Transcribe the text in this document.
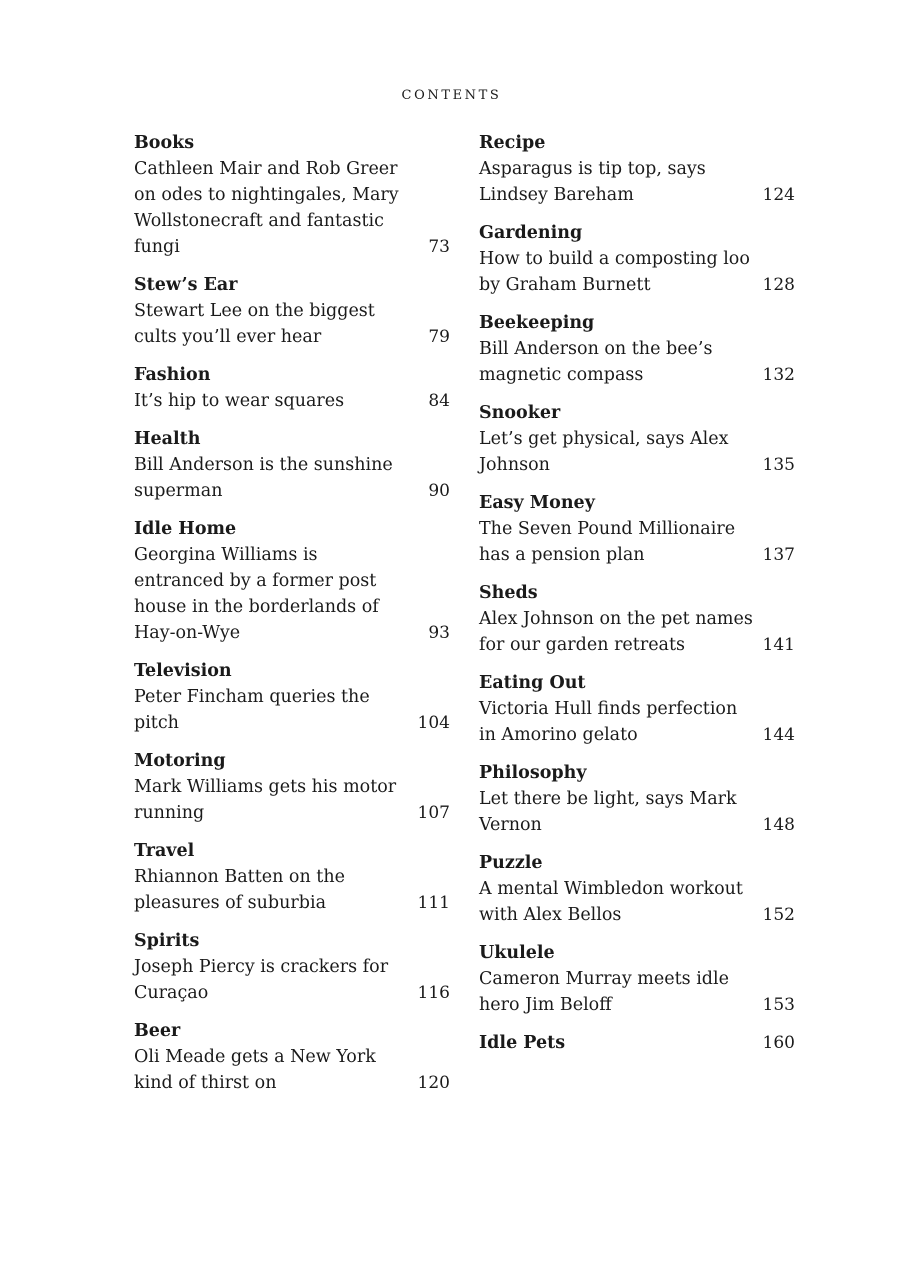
CONTENTS
Books
Cathleen Mair and Rob Greer on odes to nightingales, Mary Wollstonecraft and fantastic fungi	73
Stew’s Ear
Stewart Lee on the biggest cults you’ll ever hear	79
Fashion
It’s hip to wear squares	84
Health
Bill Anderson is the sunshine superman	90
Idle Home
Georgina Williams is entranced by a former post house in the borderlands of Hay-on-Wye	93
Television
Peter Fincham queries the pitch	104
Motoring
Mark Williams gets his motor running	107
Travel
Rhiannon Batten on the pleasures of suburbia	111
Spirits
Joseph Piercy is crackers for Curaçao	116
Beer
Oli Meade gets a New York kind of thirst on	120
Recipe
Asparagus is tip top, says Lindsey Bareham	124
Gardening
How to build a composting loo by Graham Burnett	128
Beekeeping
Bill Anderson on the bee’s magnetic compass	132
Snooker
Let’s get physical, says Alex Johnson	135
Easy Money
The Seven Pound Millionaire has a pension plan	137
Sheds
Alex Johnson on the pet names for our garden retreats	141
Eating Out
Victoria Hull finds perfection in Amorino gelato	144
Philosophy
Let there be light, says Mark Vernon	148
Puzzle
A mental Wimbledon workout with Alex Bellos	152
Ukulele
Cameron Murray meets idle hero Jim Beloff	153
Idle Pets	160
